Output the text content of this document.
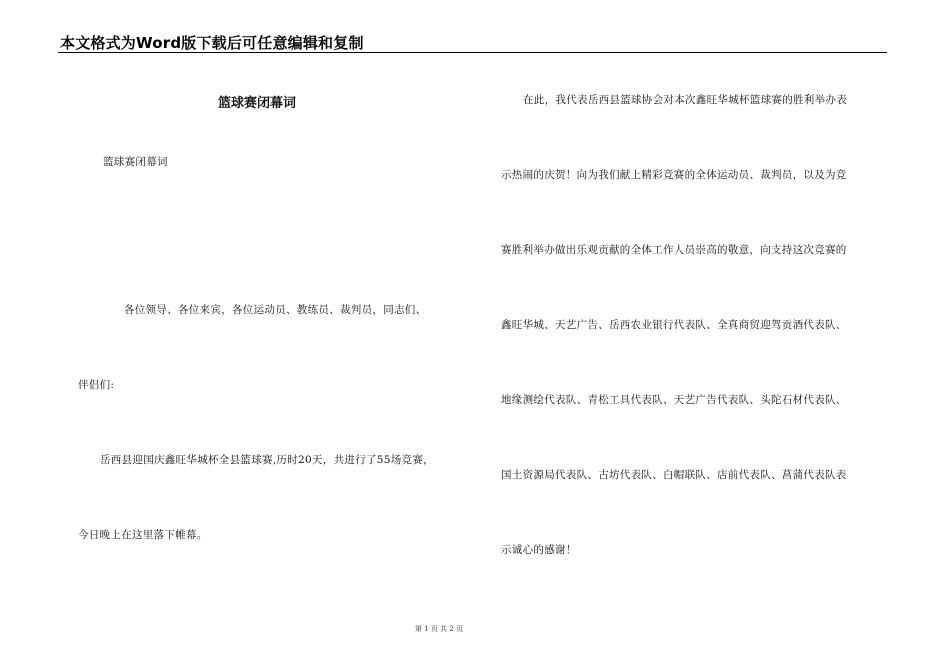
本文格式为Word版下载后可任意编辑和复制
篮球赛闭幕词
篮球赛闭幕词
各位领导、各位来宾，各位运动员、教练员、裁判员，同志们、
伴侣们:
岳西县迎国庆鑫旺华城杯全县篮球赛,历时20天，共进行了55场竞赛，
今日晚上在这里落下帷幕。
在此，我代表岳西县篮球协会对本次鑫旺华城杯篮球赛的胜利举办表
示热闹的庆贺！向为我们献上精彩竞赛的全体运动员、裁判员，以及为竞
赛胜利举办做出乐观贡献的全体工作人员崇高的敬意，向支持这次竞赛的
鑫旺华城、天艺广告、岳西农业银行代表队、全真商贸迎驾贡酒代表队、
地缘测绘代表队、青松工具代表队、天艺广告代表队、头陀石材代表队、
国土资源局代表队、古坊代表队、白帽联队、店前代表队、菖蒲代表队表
示诚心的感谢！
第 1 页 共 2 页
